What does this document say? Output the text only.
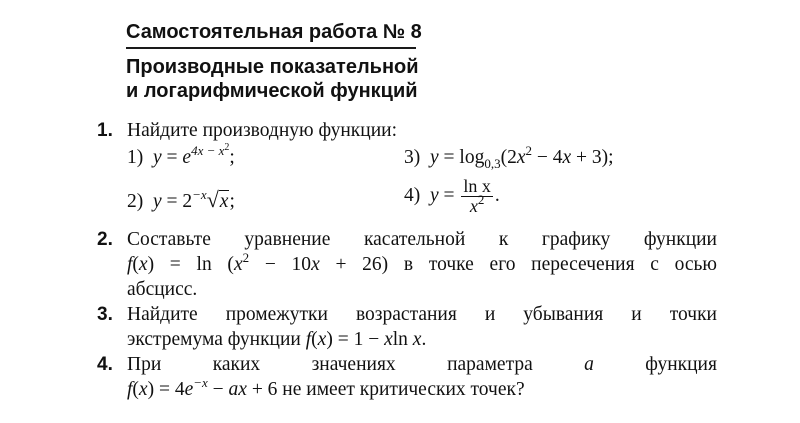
Самостоятельная работа № 8
Производные показательной
и логарифмической функций
1. Найдите производную функции:
1) $y = e^{4x - x^2}$;	3) $y = \log_{0,3}(2x^2 - 4x + 3)$;
2) $y = 2^{-x}√x$;	4) $y = \frac{\text{ln x}}{x^2}$ .
2. Составьте уравнение касательной к графику функции
$f(x) = \ln (x^2 - 10x + 26)$ в точке его пересечения с осью
абсцисс.
3. Найдите промежутки возрастания и убывания и точки
экстремума функции f(x) = 1 − xln x.
4. При	каких	значениях	параметра	a	функция
$f(x) = 4e^{-x}$ − ax + 6 не имеет критических точек?
